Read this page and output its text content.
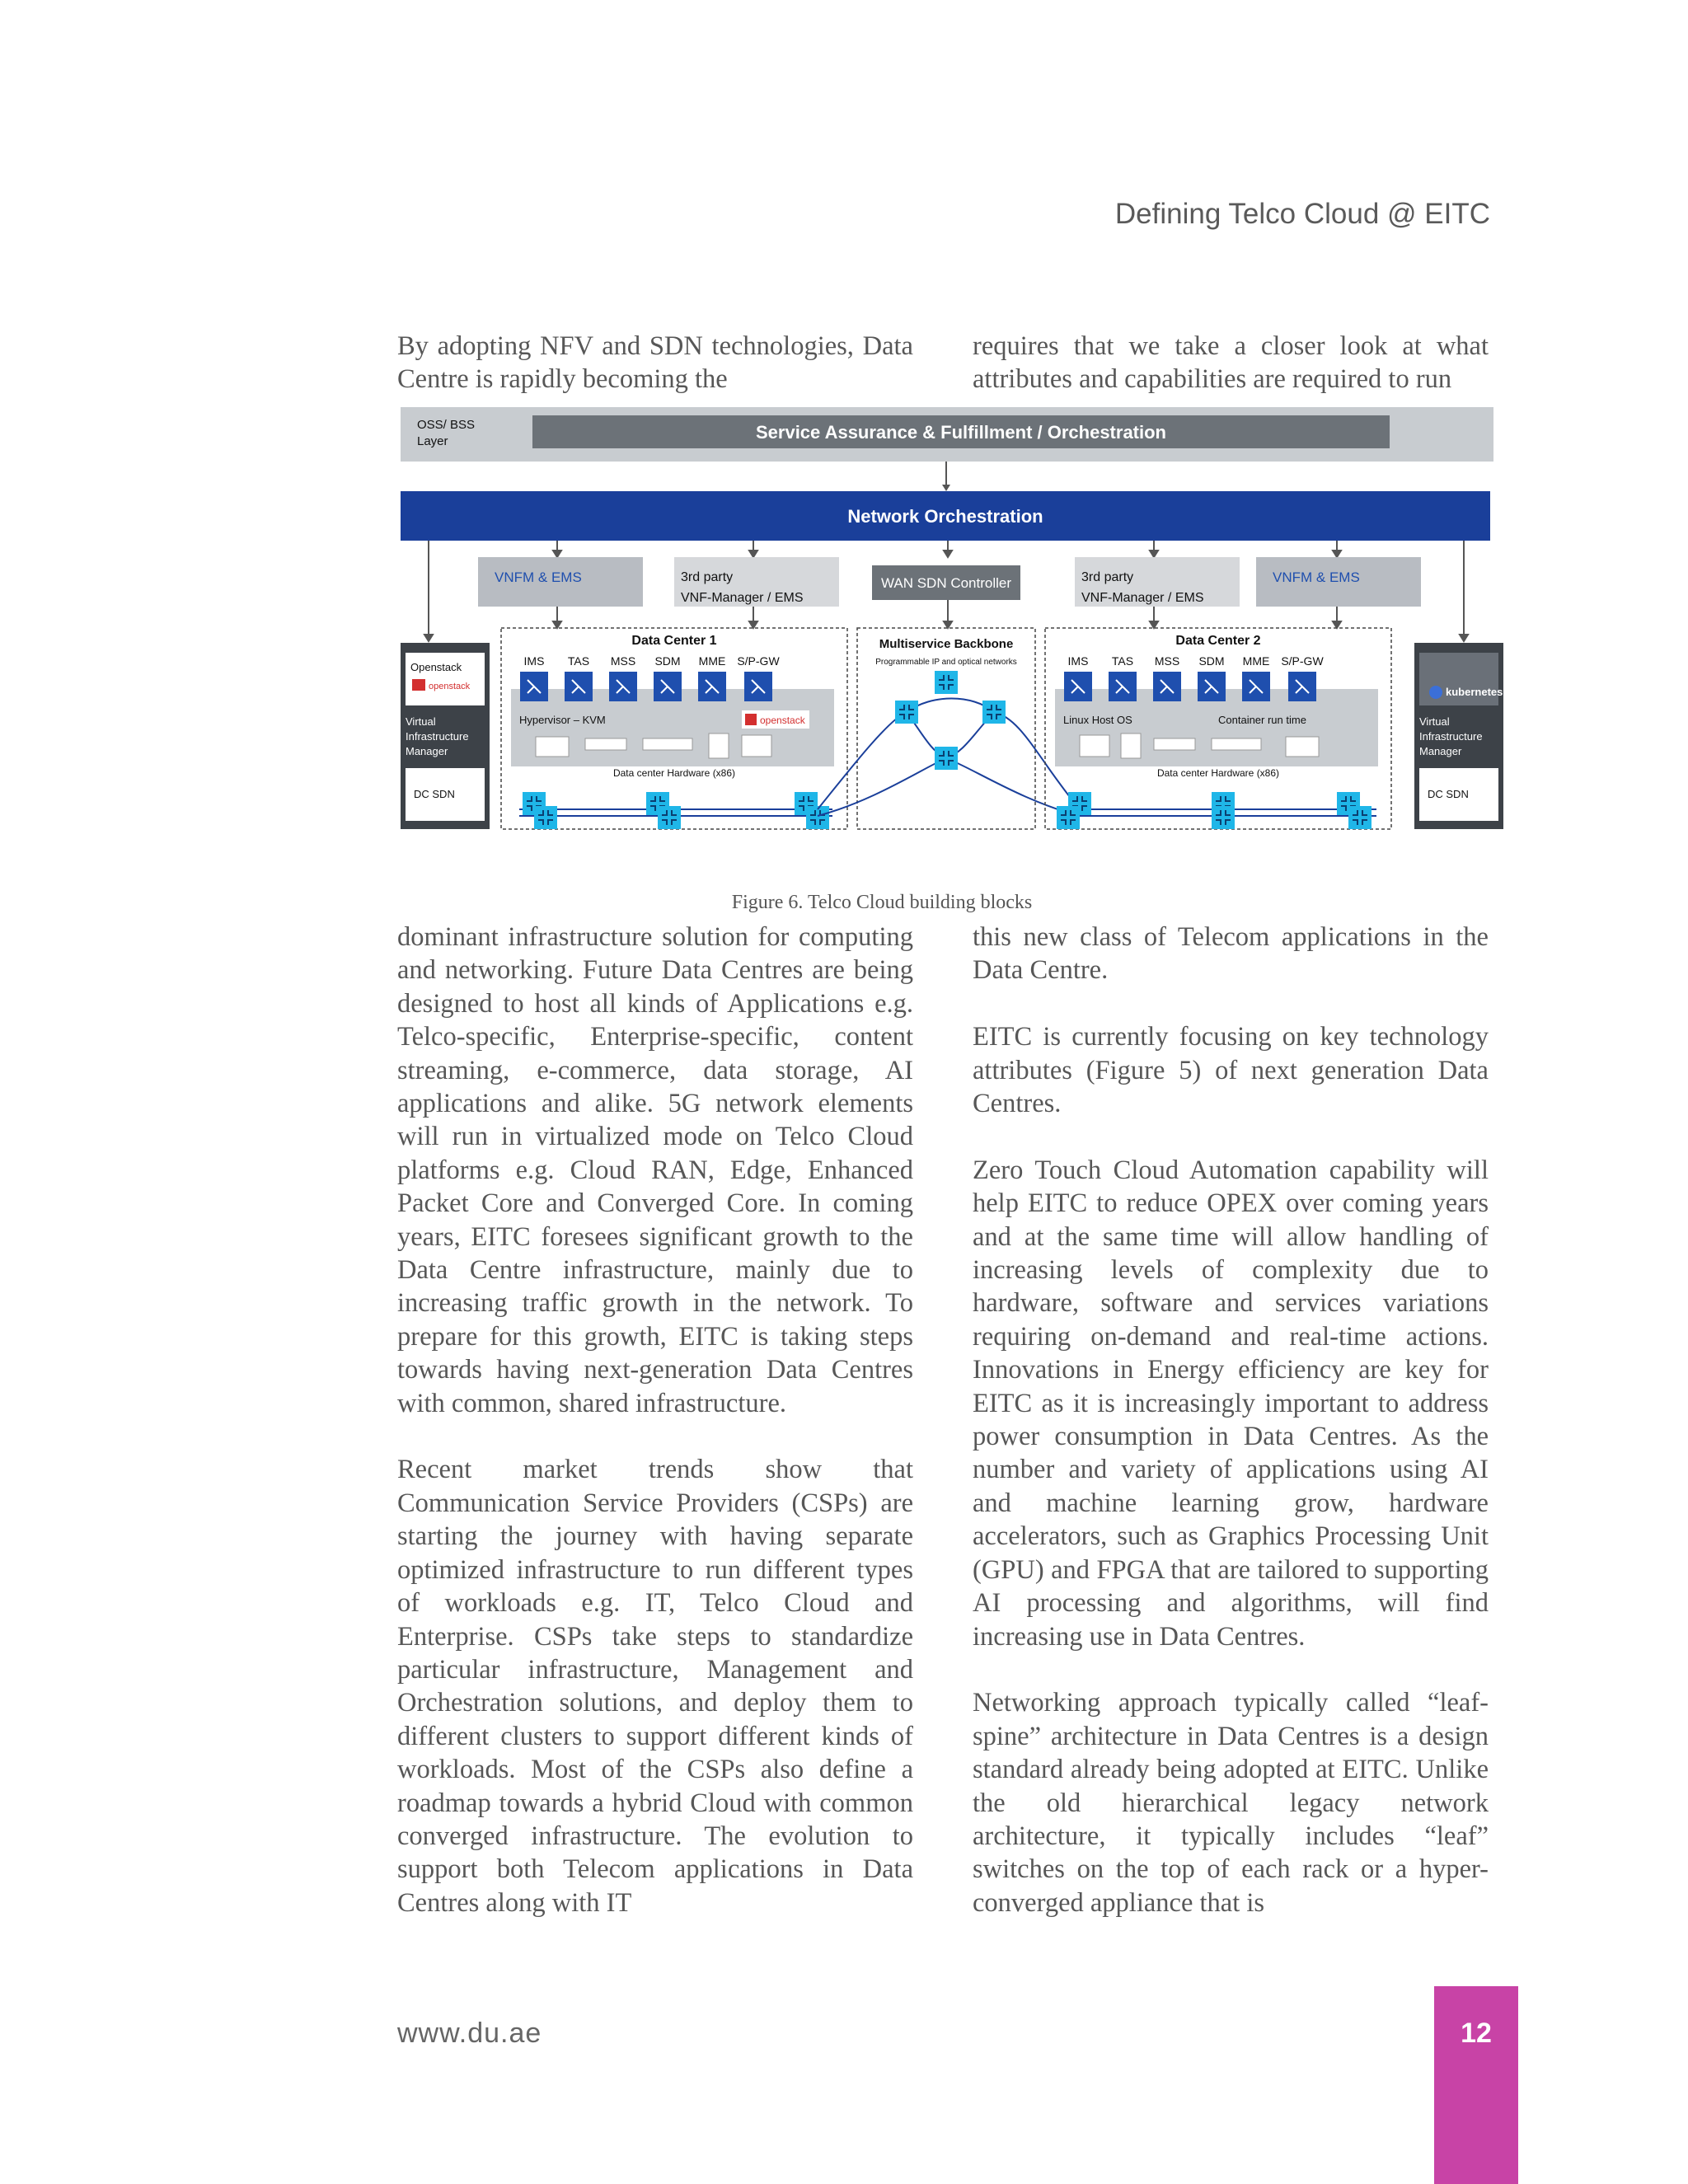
Defining Telco Cloud @ EITC

By adopting NFV and SDN technologies, Data Centre is rapidly becoming the

requires that we take a closer look at what attributes and capabilities are required to run

OSS/ BSS
Layer	Service Assurance & Fulfillment / Orchestration
Network Orchestration
VNFM & EMS	3rd party
VNF-Manager / EMS
WAN SDN Controller	3rd party
VNF-Manager / EMS
VNFM & EMS
Openstack
openstack
Virtual
Infrastructure
Manager
DC SDN
kubernetes
Virtual
Infrastructure
Manager
DC SDN
Data Center 1
IMS TAS MSS SDM MME S/P-GW
Hypervisor – KVM	openstack
Data center Hardware (x86)
Multiservice Backbone
Programmable IP and optical networks
Data Center 2
IMS TAS MSS SDM MME S/P-GW
Linux Host OS	Container run time
Data center Hardware (x86)
Figure 6. Telco Cloud building blocks

dominant infrastructure solution for computing and networking. Future Data Centres are being designed to host all kinds of Applications e.g. Telco-specific, Enterprise-specific, content streaming, e-commerce, data storage, AI applications and alike. 5G network elements will run in virtualized mode on Telco Cloud platforms e.g. Cloud RAN, Edge, Enhanced Packet Core and Converged Core. In coming years, EITC foresees significant growth to the Data Centre infrastructure, mainly due to increasing traffic growth in the network. To prepare for this growth, EITC is taking steps towards having next-generation Data Centres with common, shared infrastructure.

Recent market trends show that Communication Service Providers (CSPs) are starting the journey with having separate optimized infrastructure to run different types of workloads e.g. IT, Telco Cloud and Enterprise. CSPs take steps to standardize particular infrastructure, Management and Orchestration solutions, and deploy them to different clusters to support different kinds of workloads. Most of the CSPs also define a roadmap towards a hybrid Cloud with common converged infrastructure. The evolution to support both Telecom applications in Data Centres along with IT

this new class of Telecom applications in the Data Centre.

EITC is currently focusing on key technology attributes (Figure 5) of next generation Data Centres.

Zero Touch Cloud Automation capability will help EITC to reduce OPEX over coming years and at the same time will allow handling of increasing levels of complexity due to hardware, software and services variations requiring on-demand and real-time actions. Innovations in Energy efficiency are key for EITC as it is increasingly important to address power consumption in Data Centres. As the number and variety of applications using AI and machine learning grow, hardware accelerators, such as Graphics Processing Unit (GPU) and FPGA that are tailored to supporting AI processing and algorithms, will find increasing use in Data Centres.

Networking approach typically called “leaf-spine” architecture in Data Centres is a design standard already being adopted at EITC. Unlike the old hierarchical legacy network architecture, it typically includes “leaf” switches on the top of each rack or a hyper-converged appliance that is

www.du.ae	12
